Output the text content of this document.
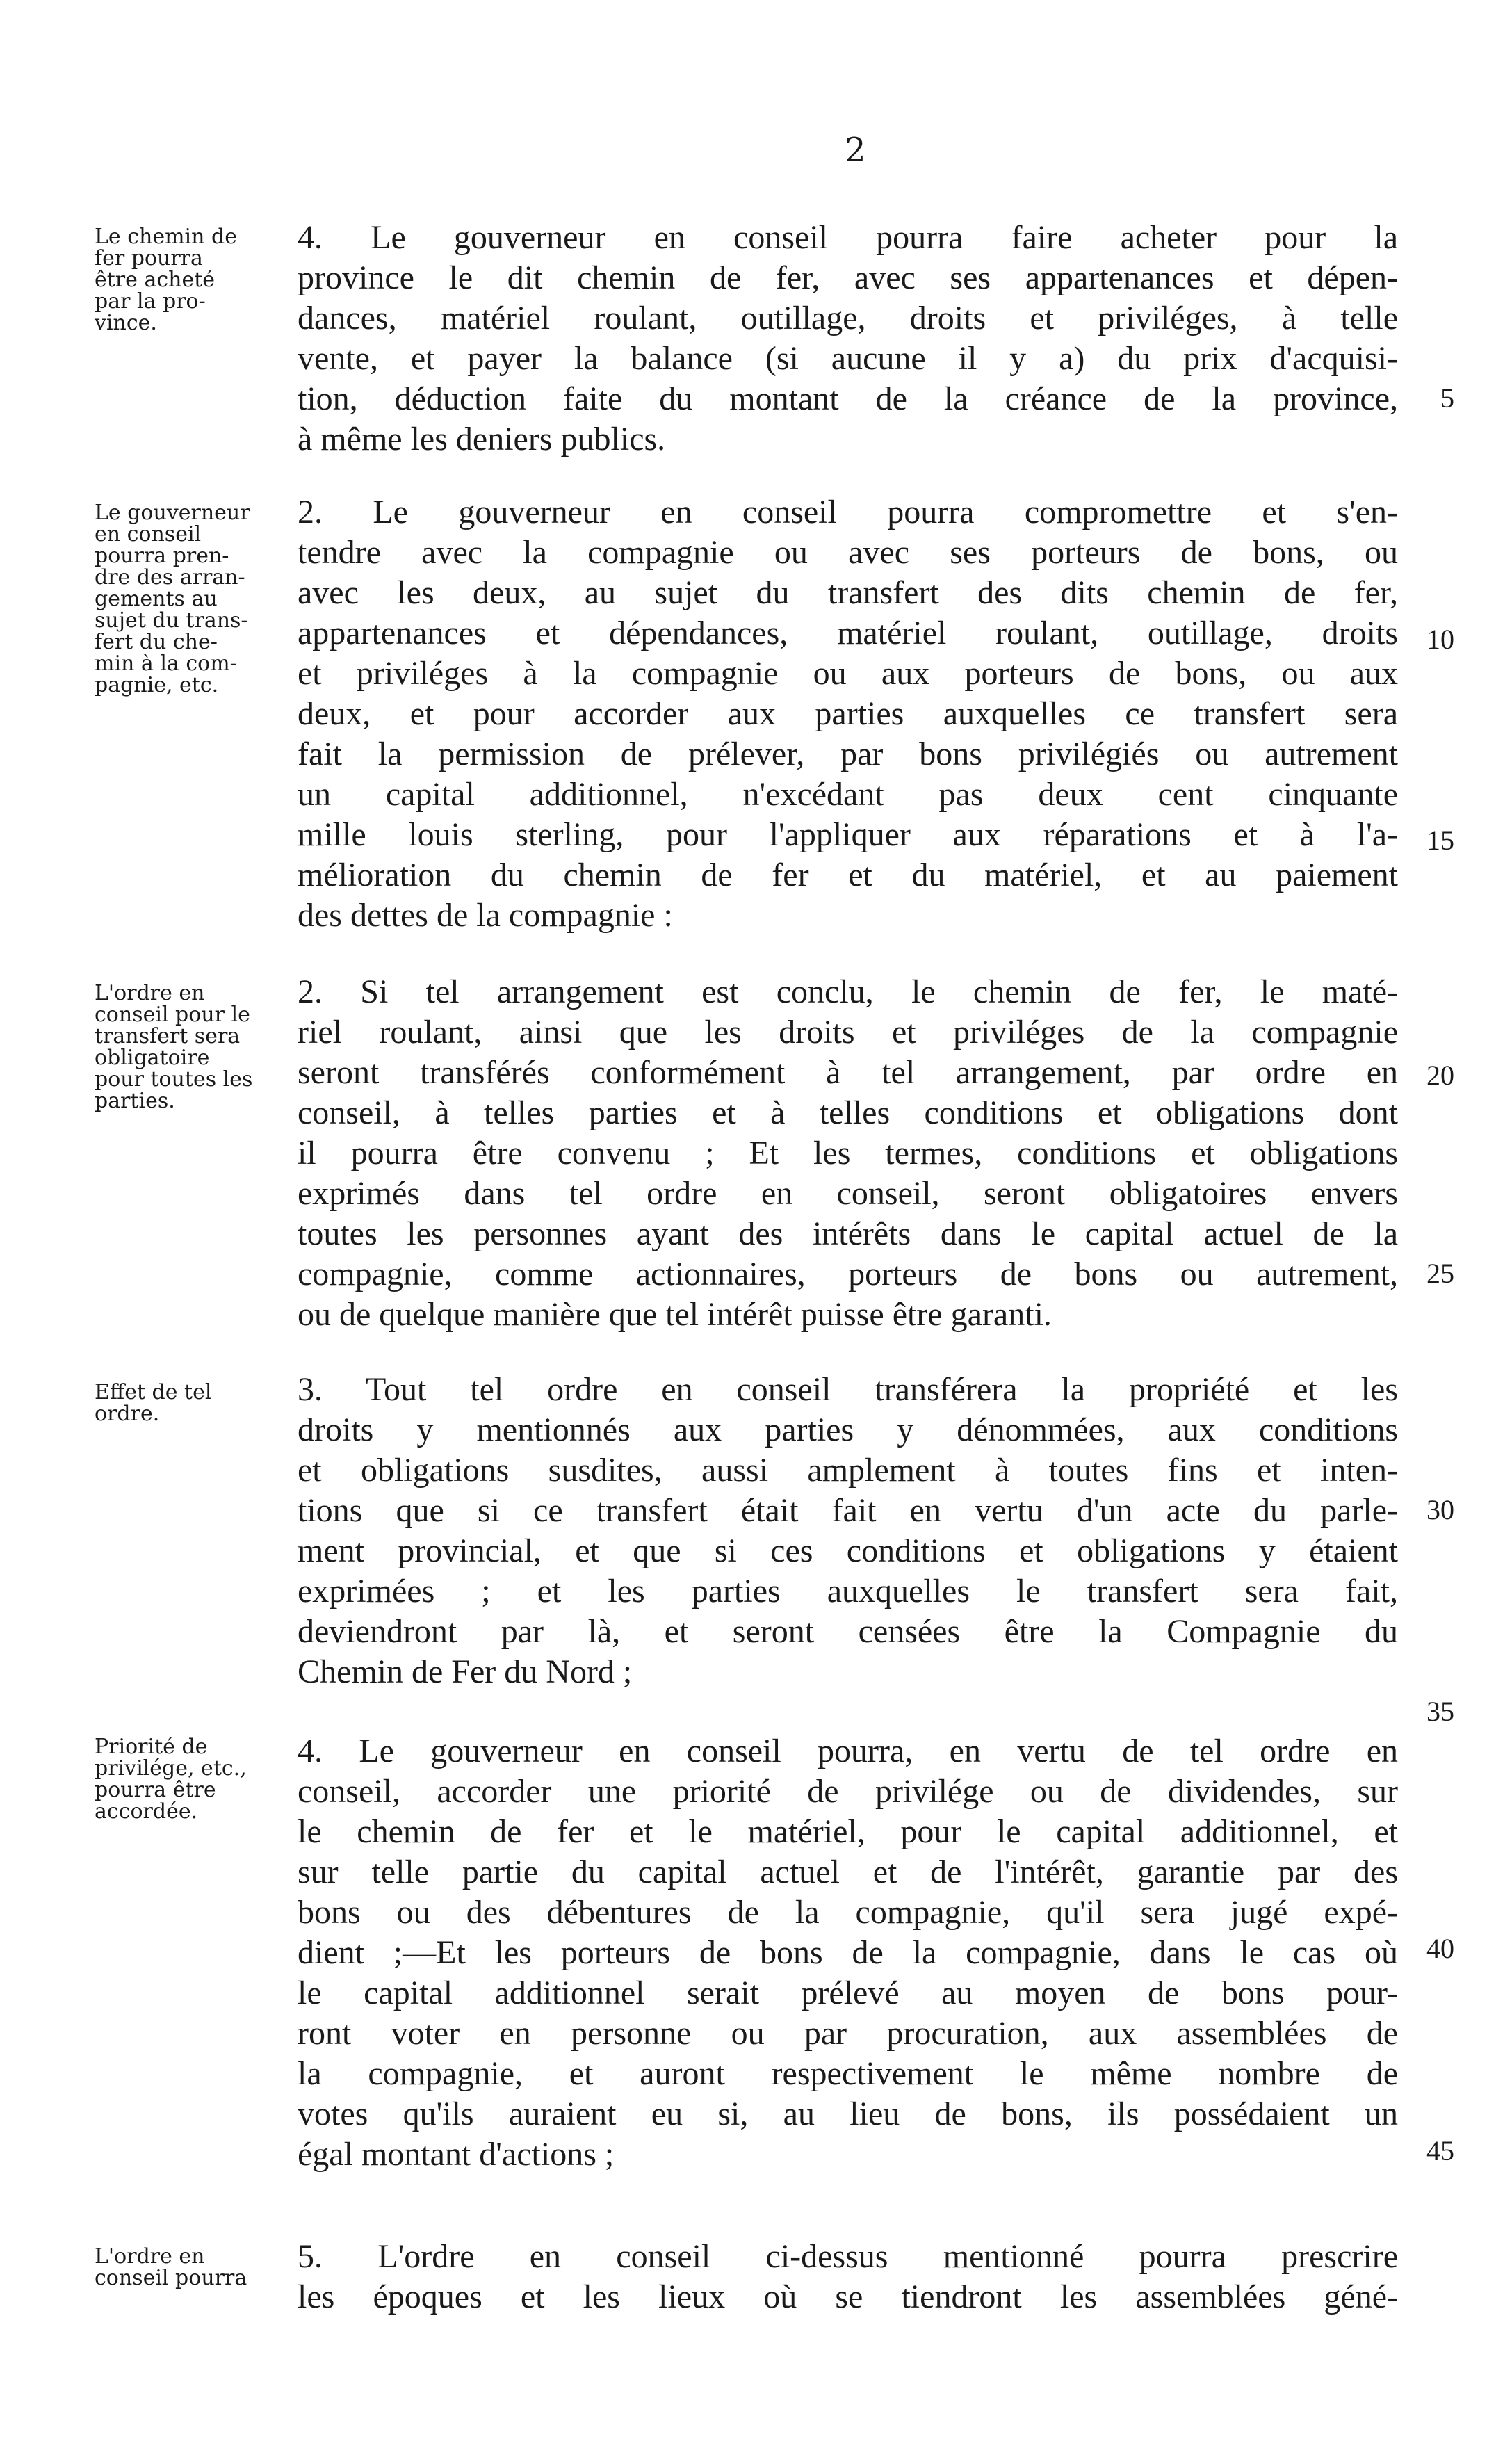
2
Le chemin de
fer pourra
être acheté
par la pro-
vince.
4. Le gouverneur en conseil pourra faire acheter pour la
province le dit chemin de fer, avec ses appartenances et dépen-
dances, matériel roulant, outillage, droits et priviléges, à telle
vente, et payer la balance (si aucune il y a) du prix d'acquisi-
tion, déduction faite du montant de la créance de la province,
à même les deniers publics.
Le gouverneur
en conseil
pourra pren-
dre des arran-
gements au
sujet du trans-
fert du che-
min à la com-
pagnie, etc.
2. Le gouverneur en conseil pourra compromettre et s'en-
tendre avec la compagnie ou avec ses porteurs de bons, ou
avec les deux, au sujet du transfert des dits chemin de fer,
appartenances et dépendances, matériel roulant, outillage, droits
et priviléges à la compagnie ou aux porteurs de bons, ou aux
deux, et pour accorder aux parties auxquelles ce transfert sera
fait la permission de prélever, par bons privilégiés ou autrement
un capital additionnel, n'excédant pas deux cent cinquante
mille louis sterling, pour l'appliquer aux réparations et à l'a-
mélioration du chemin de fer et du matériel, et au paiement
des dettes de la compagnie :
L'ordre en
conseil pour le
transfert sera
obligatoire
pour toutes les
parties.
2. Si tel arrangement est conclu, le chemin de fer, le maté-
riel roulant, ainsi que les droits et priviléges de la compagnie
seront transférés conformément à tel arrangement, par ordre en
conseil, à telles parties et à telles conditions et obligations dont
il pourra être convenu ; Et les termes, conditions et obligations
exprimés dans tel ordre en conseil, seront obligatoires envers
toutes les personnes ayant des intérêts dans le capital actuel de la
compagnie, comme actionnaires, porteurs de bons ou autrement,
ou de quelque manière que tel intérêt puisse être garanti.
Effet de tel
ordre.
3. Tout tel ordre en conseil transférera la propriété et les
droits y mentionnés aux parties y dénommées, aux conditions
et obligations susdites, aussi amplement à toutes fins et inten-
tions que si ce transfert était fait en vertu d'un acte du parle-
ment provincial, et que si ces conditions et obligations y étaient
exprimées ; et les parties auxquelles le transfert sera fait,
deviendront par là, et seront censées être la Compagnie du
Chemin de Fer du Nord ;
Priorité de
privilége, etc.,
pourra être
accordée.
4. Le gouverneur en conseil pourra, en vertu de tel ordre en
conseil, accorder une priorité de privilége ou de dividendes, sur
le chemin de fer et le matériel, pour le capital additionnel, et
sur telle partie du capital actuel et de l'intérêt, garantie par des
bons ou des débentures de la compagnie, qu'il sera jugé expé-
dient ;—Et les porteurs de bons de la compagnie, dans le cas où
le capital additionnel serait prélevé au moyen de bons pour-
ront voter en personne ou par procuration, aux assemblées de
la compagnie, et auront respectivement le même nombre de
votes qu'ils auraient eu si, au lieu de bons, ils possédaient un
égal montant d'actions ;
L'ordre en
conseil pourra
5. L'ordre en conseil ci-dessus mentionné pourra prescrire
les époques et les lieux où se tiendront les assemblées géné-
5
10
15
20
25
30
35
40
45
